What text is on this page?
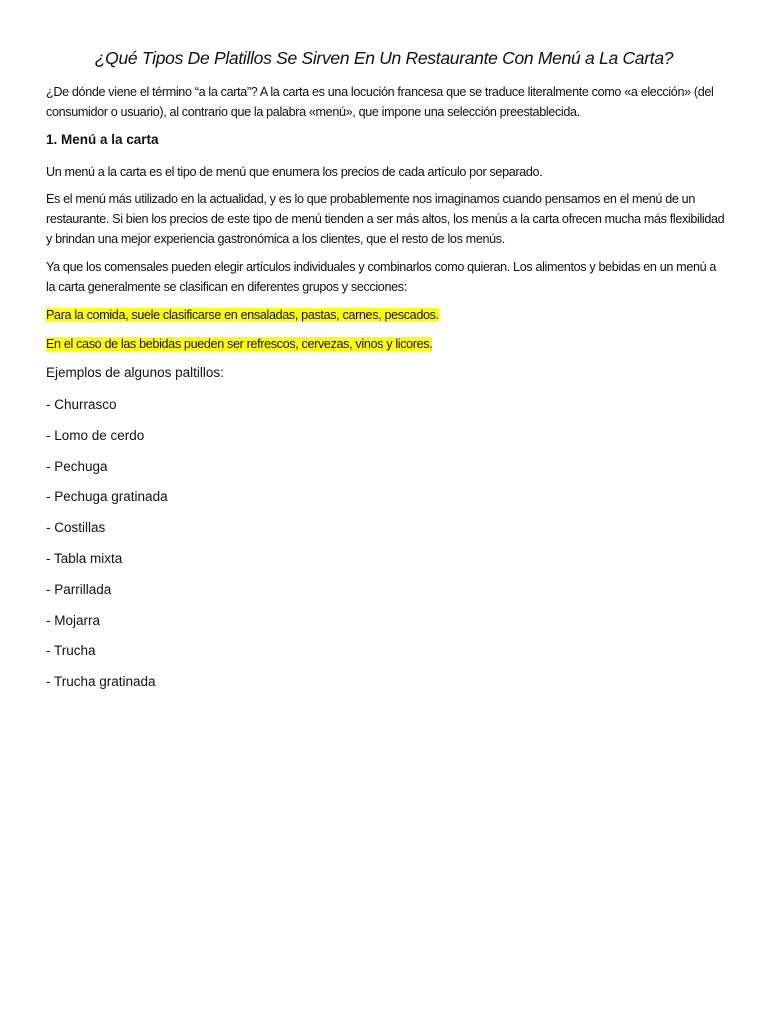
¿Qué Tipos De Platillos Se Sirven En Un Restaurante Con Menú a La Carta?

¿De dónde viene el término “a la carta”? A la carta es una locución francesa que se traduce literalmente como «a elección» (del consumidor o usuario), al contrario que la palabra «menú», que impone una selección preestablecida.

1. Menú a la carta

Un menú a la carta es el tipo de menú que enumera los precios de cada artículo por separado.

Es el menú más utilizado en la actualidad, y es lo que probablemente nos imaginamos cuando pensamos en el menú de un restaurante. Si bien los precios de este tipo de menú tienden a ser más altos, los menús a la carta ofrecen mucha más flexibilidad y brindan una mejor experiencia gastronómica a los clientes, que el resto de los menús.

Ya que los comensales pueden elegir artículos individuales y combinarlos como quieran. Los alimentos y bebidas en un menú a la carta generalmente se clasifican en diferentes grupos y secciones:

Para la comida, suele clasificarse en ensaladas, pastas, carnes, pescados.

En el caso de las bebidas pueden ser refrescos, cervezas, vinos y licores.

Ejemplos de algunos paltillos:

- Churrasco
- Lomo de cerdo
- Pechuga
- Pechuga gratinada
- Costillas
- Tabla mixta
- Parrillada
- Mojarra
- Trucha
- Trucha gratinada
